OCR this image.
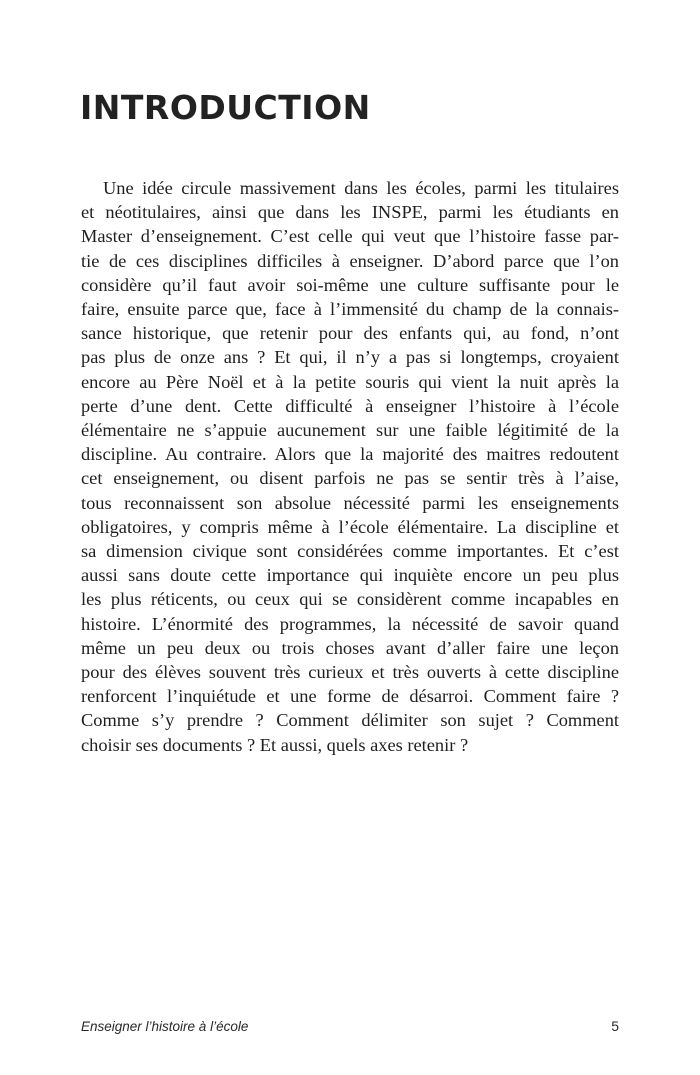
INTRODUCTION

Une idée circule massivement dans les écoles, parmi les titulaires
et néotitulaires, ainsi que dans les INSPE, parmi les étudiants en
Master d’enseignement. C’est celle qui veut que l’histoire fasse par-
tie de ces disciplines difficiles à enseigner. D’abord parce que l’on
considère qu’il faut avoir soi-même une culture suffisante pour le
faire, ensuite parce que, face à l’immensité du champ de la connais-
sance historique, que retenir pour des enfants qui, au fond, n’ont
pas plus de onze ans ? Et qui, il n’y a pas si longtemps, croyaient
encore au Père Noël et à la petite souris qui vient la nuit après la
perte d’une dent. Cette difficulté à enseigner l’histoire à l’école
élémentaire ne s’appuie aucunement sur une faible légitimité de la
discipline. Au contraire. Alors que la majorité des maitres redoutent
cet enseignement, ou disent parfois ne pas se sentir très à l’aise,
tous reconnaissent son absolue nécessité parmi les enseignements
obligatoires, y compris même à l’école élémentaire. La discipline et
sa dimension civique sont considérées comme importantes. Et c’est
aussi sans doute cette importance qui inquiète encore un peu plus
les plus réticents, ou ceux qui se considèrent comme incapables en
histoire. L’énormité des programmes, la nécessité de savoir quand
même un peu deux ou trois choses avant d’aller faire une leçon
pour des élèves souvent très curieux et très ouverts à cette discipline
renforcent l’inquiétude et une forme de désarroi. Comment faire ?
Comme s’y prendre ? Comment délimiter son sujet ? Comment
choisir ses documents ? Et aussi, quels axes retenir ?

Enseigner l’histoire à l’école	5
